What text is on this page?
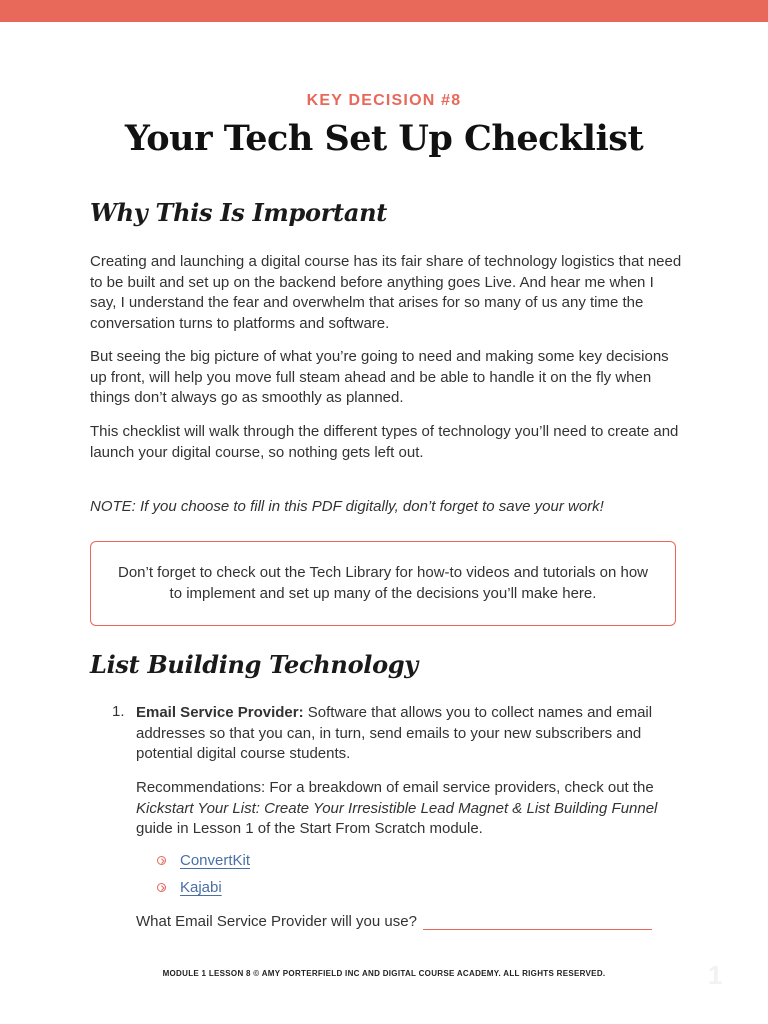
KEY DECISION #8
Your Tech Set Up Checklist
Why This Is Important

Creating and launching a digital course has its fair share of technology logistics that need to be built and set up on the backend before anything goes Live. And hear me when I say, I understand the fear and overwhelm that arises for so many of us any time the conversation turns to platforms and software.

But seeing the big picture of what you’re going to need and making some key decisions up front, will help you move full steam ahead and be able to handle it on the fly when things don’t always go as smoothly as planned.

This checklist will walk through the different types of technology you’ll need to create and launch your digital course, so nothing gets left out.

NOTE: If you choose to fill in this PDF digitally, don’t forget to save your work!

Don’t forget to check out the Tech Library for how-to videos and tutorials on how to implement and set up many of the decisions you’ll make here.

List Building Technology
1. Email Service Provider: Software that allows you to collect names and email addresses so that you can, in turn, send emails to your new subscribers and potential digital course students.

Recommendations: For a breakdown of email service providers, check out the Kickstart Your List: Create Your Irresistible Lead Magnet & List Building Funnel guide in Lesson 1 of the Start From Scratch module.

ConvertKit
Kajabi
What Email Service Provider will you use?
MODULE 1 LESSON 8 © AMY PORTERFIELD INC AND DIGITAL COURSE ACADEMY. ALL RIGHTS RESERVED.	1
